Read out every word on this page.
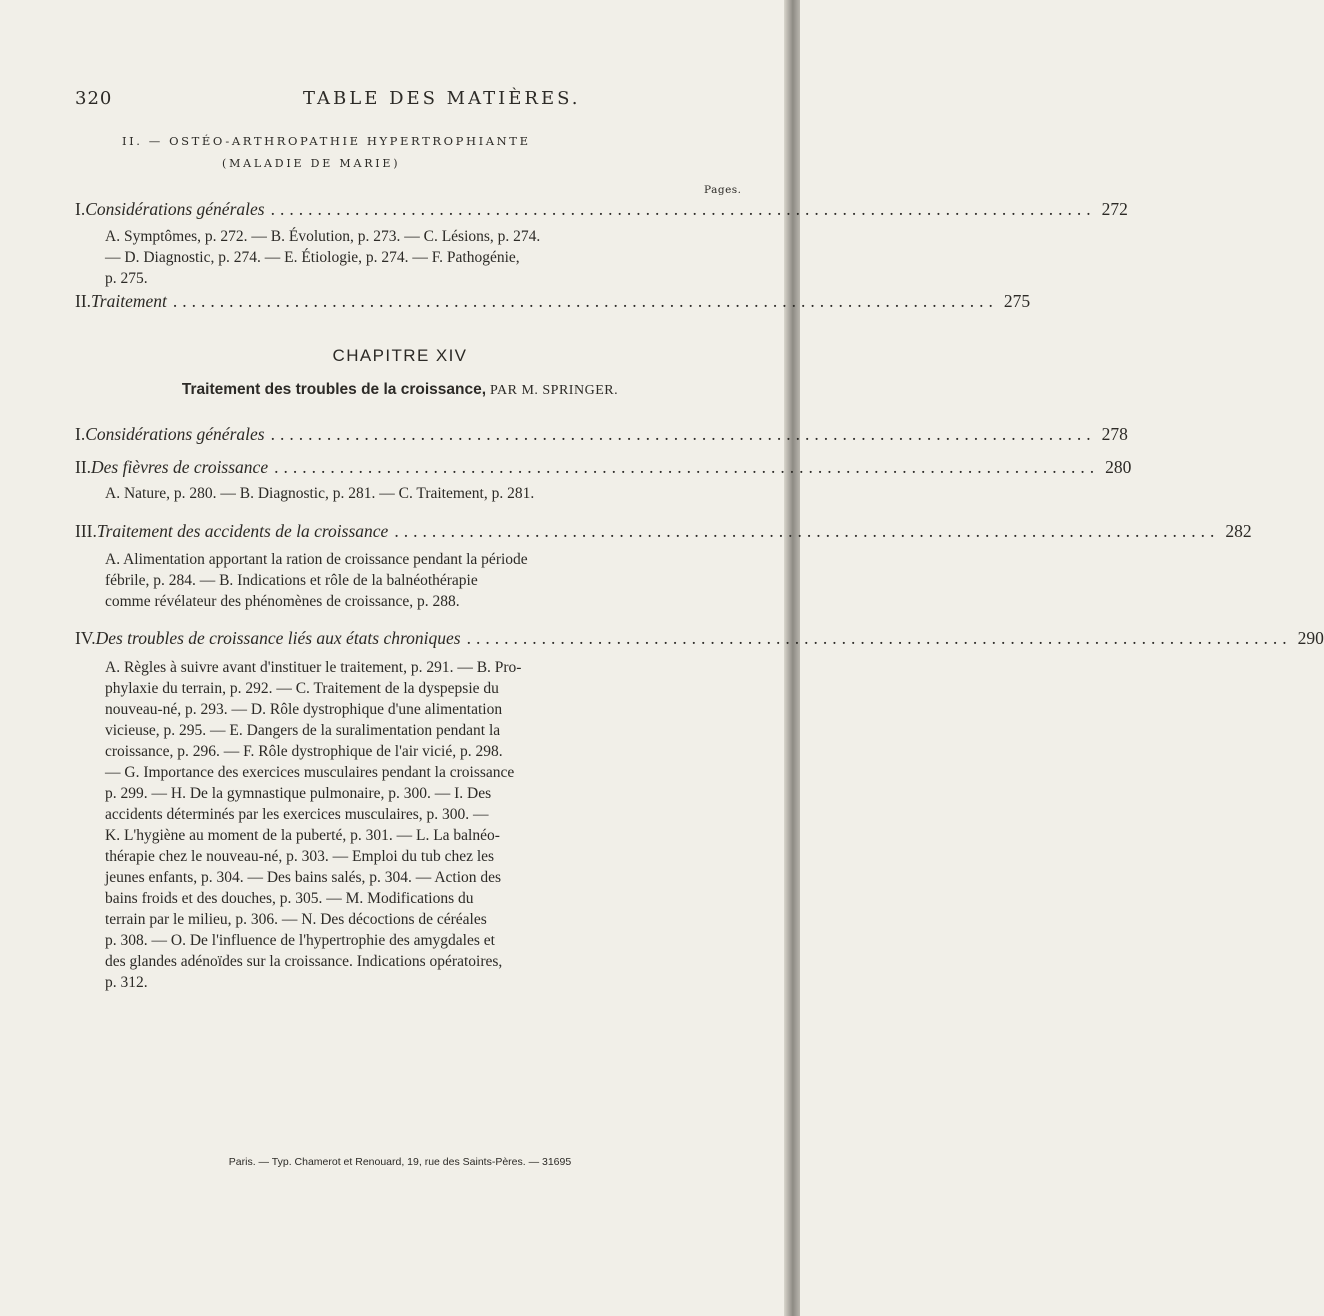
320	TABLE DES MATIÈRES.
II. — OSTÉO-ARTHROPATHIE HYPERTROPHIANTE
(MALADIE DE MARIE)
Pages.
I. Considérations générales ........................................................................................ 272

A. Symptômes, p. 272. — B. Évolution, p. 273. — C. Lésions, p. 274.

— D. Diagnostic, p. 274. — E. Étiologie, p. 274. — F. Pathogénie,

p. 275.

II. Traitement ........................................................................................ 275
CHAPITRE XIV
Traitement des troubles de la croissance, PAR M. SPRINGER.
I. Considérations générales ........................................................................................ 278
II. Des fièvres de croissance ........................................................................................ 280

A. Nature, p. 280. — B. Diagnostic, p. 281. — C. Traitement, p. 281.

III. Traitement des accidents de la croissance ........................................................................................ 282

A. Alimentation apportant la ration de croissance pendant la période

fébrile, p. 284. — B. Indications et rôle de la balnéothérapie

comme révélateur des phénomènes de croissance, p. 288.

IV. Des troubles de croissance liés aux états chroniques ........................................................................................ 290

A. Règles à suivre avant d'instituer le traitement, p. 291. — B. Pro-

phylaxie du terrain, p. 292. — C. Traitement de la dyspepsie du

nouveau-né, p. 293. — D. Rôle dystrophique d'une alimentation

vicieuse, p. 295. — E. Dangers de la suralimentation pendant la

croissance, p. 296. — F. Rôle dystrophique de l'air vicié, p. 298.

— G. Importance des exercices musculaires pendant la croissance

p. 299. — H. De la gymnastique pulmonaire, p. 300. — I. Des

accidents déterminés par les exercices musculaires, p. 300. —

K. L'hygiène au moment de la puberté, p. 301. — L. La balnéo-

thérapie chez le nouveau-né, p. 303. — Emploi du tub chez les

jeunes enfants, p. 304. — Des bains salés, p. 304. — Action des

bains froids et des douches, p. 305. — M. Modifications du

terrain par le milieu, p. 306. — N. Des décoctions de céréales

p. 308. — O. De l'influence de l'hypertrophie des amygdales et

des glandes adénoïdes sur la croissance. Indications opératoires,

p. 312.

Paris. — Typ. Chamerot et Renouard, 19, rue des Saints-Pères. — 31695
